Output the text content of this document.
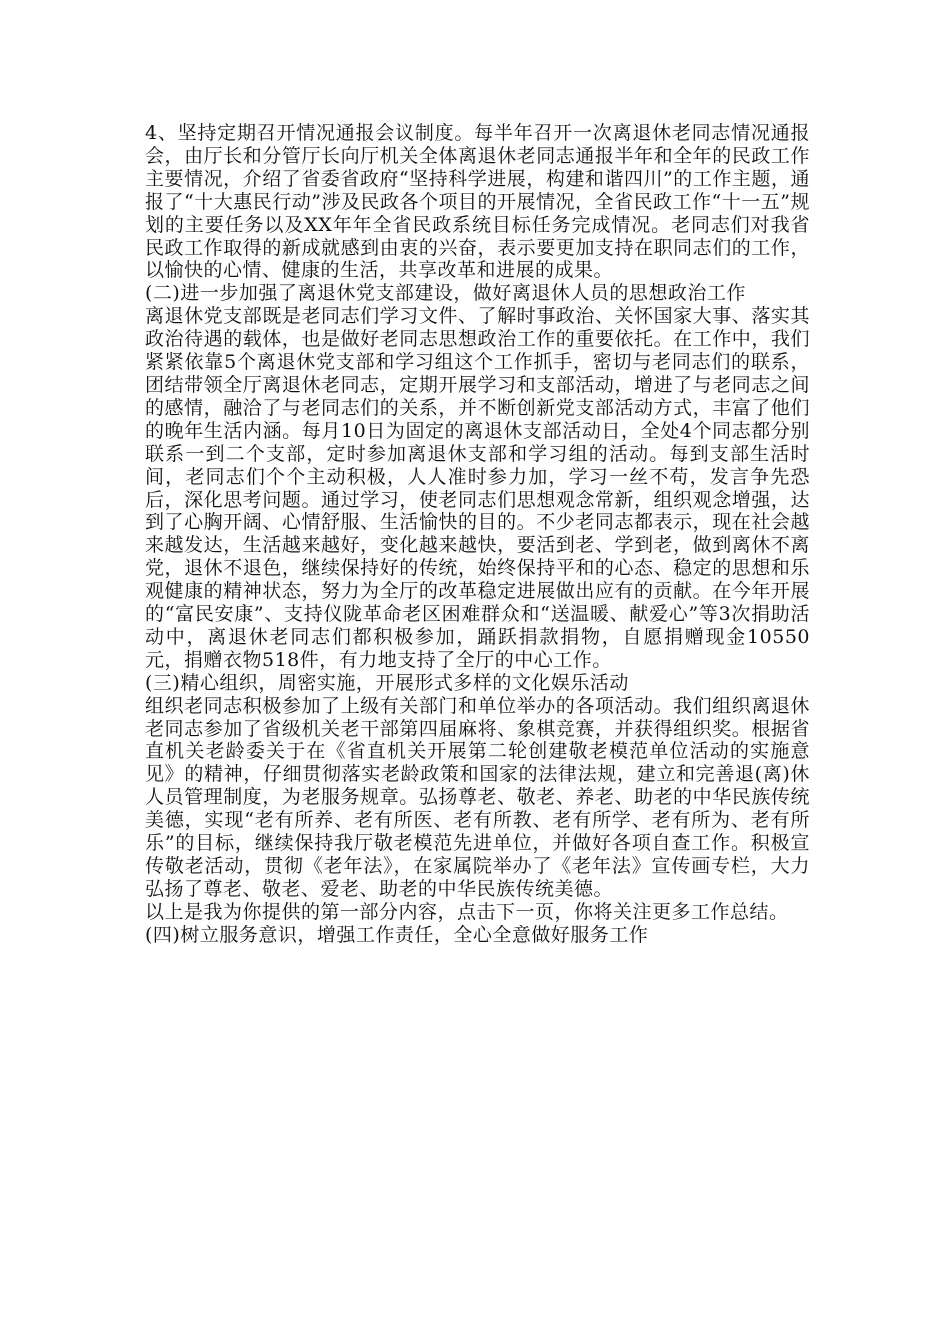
4、坚持定期召开情况通报会议制度。每半年召开一次离退休老同志情况通报会，由厅长和分管厅长向厅机关全体离退休老同志通报半年和全年的民政工作主要情况，介绍了省委省政府“坚持科学进展，构建和谐四川”的工作主题，通报了“十大惠民行动”涉及民政各个项目的开展情况，全省民政工作“十一五”规划的主要任务以及XX年年全省民政系统目标任务完成情况。老同志们对我省民政工作取得的新成就感到由衷的兴奋，表示要更加支持在职同志们的工作，以愉快的心情、健康的生活，共享改革和进展的成果。

(二)进一步加强了离退休党支部建设，做好离退休人员的思想政治工作

离退休党支部既是老同志们学习文件、了解时事政治、关怀国家大事、落实其政治待遇的载体，也是做好老同志思想政治工作的重要依托。在工作中，我们紧紧依靠5个离退休党支部和学习组这个工作抓手，密切与老同志们的联系，团结带领全厅离退休老同志，定期开展学习和支部活动，增进了与老同志之间的感情，融洽了与老同志们的关系，并不断创新党支部活动方式，丰富了他们的晚年生活内涵。每月10日为固定的离退休支部活动日，全处4个同志都分别联系一到二个支部，定时参加离退休支部和学习组的活动。每到支部生活时间，老同志们个个主动积极，人人准时参力加，学习一丝不苟，发言争先恐后，深化思考问题。通过学习，使老同志们思想观念常新，组织观念增强，达到了心胸开阔、心情舒服、生活愉快的目的。不少老同志都表示，现在社会越来越发达，生活越来越好，变化越来越快，要活到老、学到老，做到离休不离党，退休不退色，继续保持好的传统，始终保持平和的心态、稳定的思想和乐观健康的精神状态，努力为全厅的改革稳定进展做出应有的贡献。在今年开展的“富民安康”、支持仪陇革命老区困难群众和“送温暖、献爱心”等3次捐助活动中，离退休老同志们都积极参加，踊跃捐款捐物，自愿捐赠现金10550元，捐赠衣物518件，有力地支持了全厅的中心工作。

(三)精心组织，周密实施，开展形式多样的文化娱乐活动

组织老同志积极参加了上级有关部门和单位举办的各项活动。我们组织离退休老同志参加了省级机关老干部第四届麻将、象棋竞赛，并获得组织奖。根据省直机关老龄委关于在《省直机关开展第二轮创建敬老模范单位活动的实施意见》的精神，仔细贯彻落实老龄政策和国家的法律法规，建立和完善退(离)休人员管理制度，为老服务规章。弘扬尊老、敬老、养老、助老的中华民族传统美德，实现“老有所养、老有所医、老有所教、老有所学、老有所为、老有所乐”的目标，继续保持我厅敬老模范先进单位，并做好各项自查工作。积极宣传敬老活动，贯彻《老年法》，在家属院举办了《老年法》宣传画专栏，大力弘扬了尊老、敬老、爱老、助老的中华民族传统美德。

以上是我为你提供的第一部分内容，点击下一页，你将关注更多工作总结。

(四)树立服务意识，增强工作责任，全心全意做好服务工作
